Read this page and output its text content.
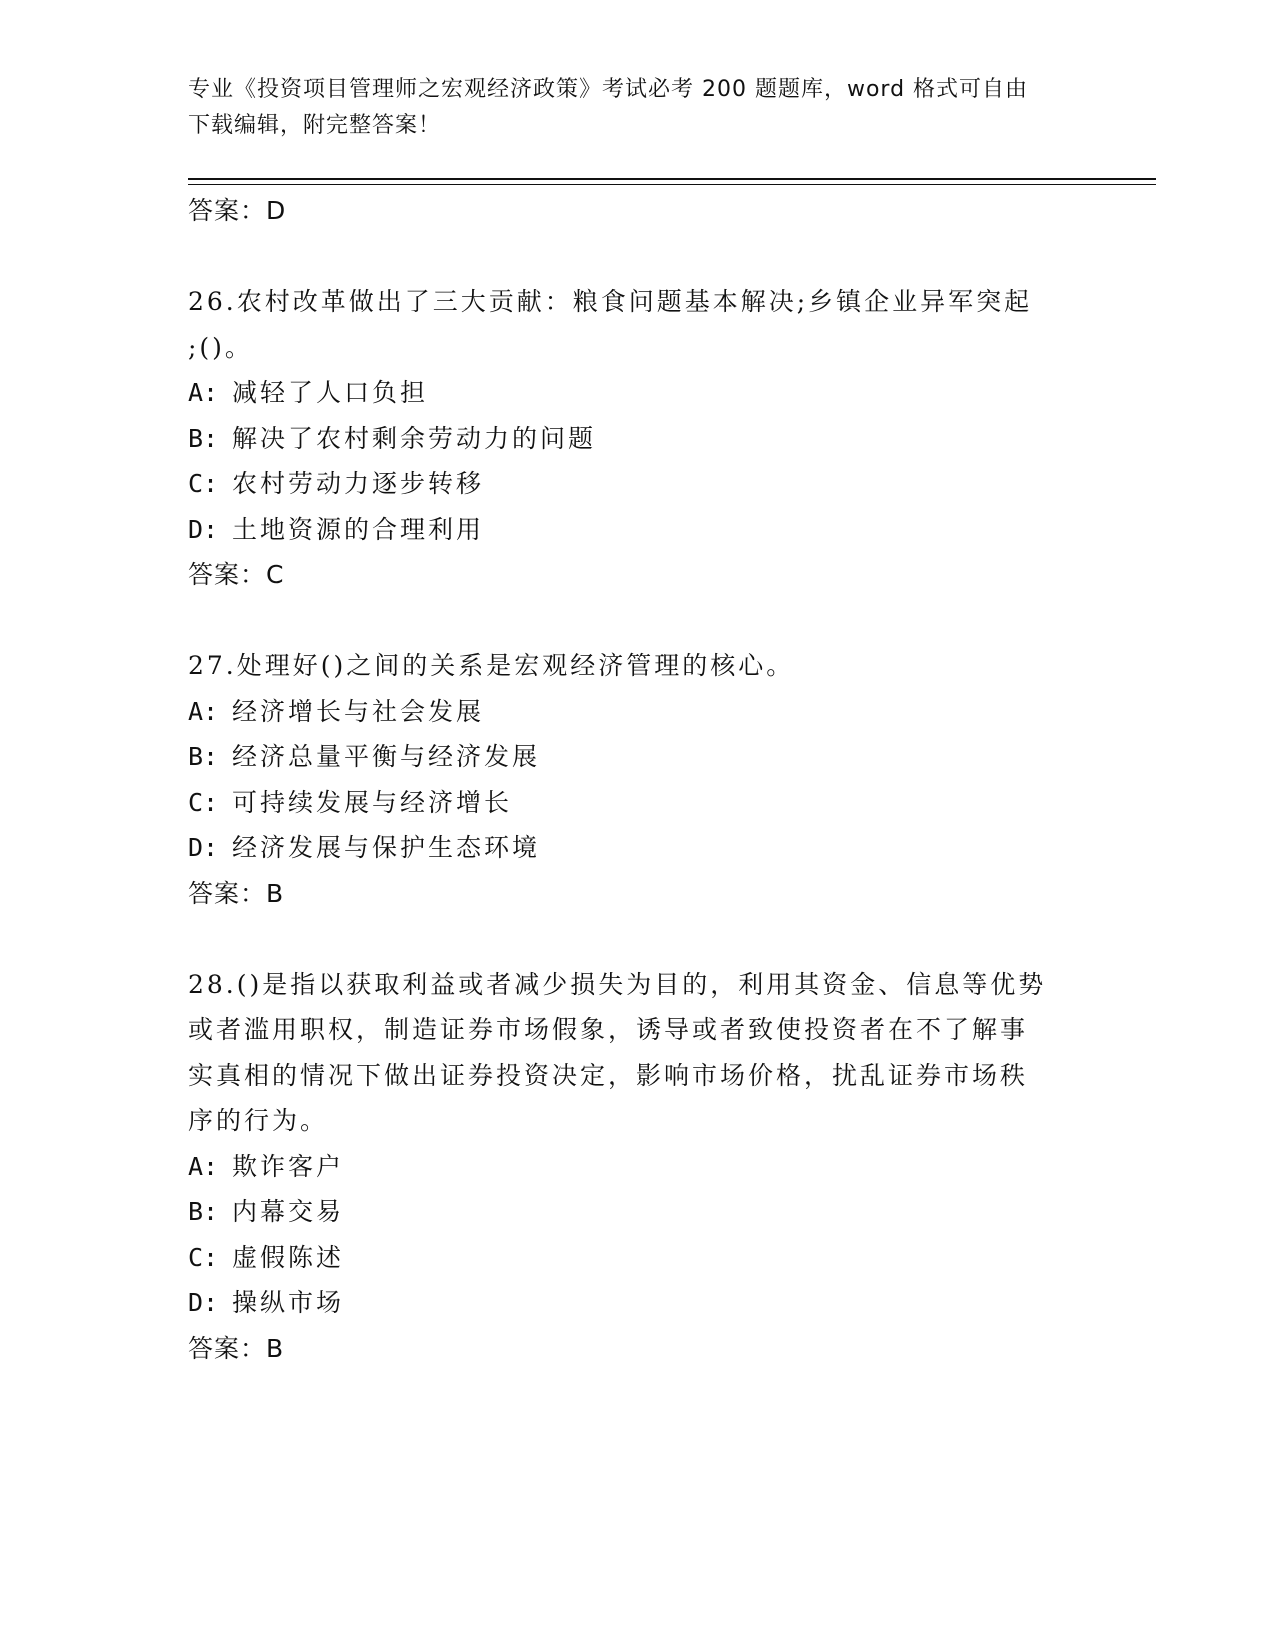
专业《投资项目管理师之宏观经济政策》考试必考 200 题题库，word 格式可自由
下载编辑，附完整答案！
答案：D
26.农村改革做出了三大贡献：粮食问题基本解决;乡镇企业异军突起
;()。
A: 减轻了人口负担
B: 解决了农村剩余劳动力的问题
C: 农村劳动力逐步转移
D: 土地资源的合理利用
答案：C
27.处理好()之间的关系是宏观经济管理的核心。
A: 经济增长与社会发展
B: 经济总量平衡与经济发展
C: 可持续发展与经济增长
D: 经济发展与保护生态环境
答案：B
28.()是指以获取利益或者减少损失为目的，利用其资金、信息等优势
或者滥用职权，制造证券市场假象，诱导或者致使投资者在不了解事
实真相的情况下做出证券投资决定，影响市场价格，扰乱证券市场秩
序的行为。
A: 欺诈客户
B: 内幕交易
C: 虚假陈述
D: 操纵市场
答案：B
